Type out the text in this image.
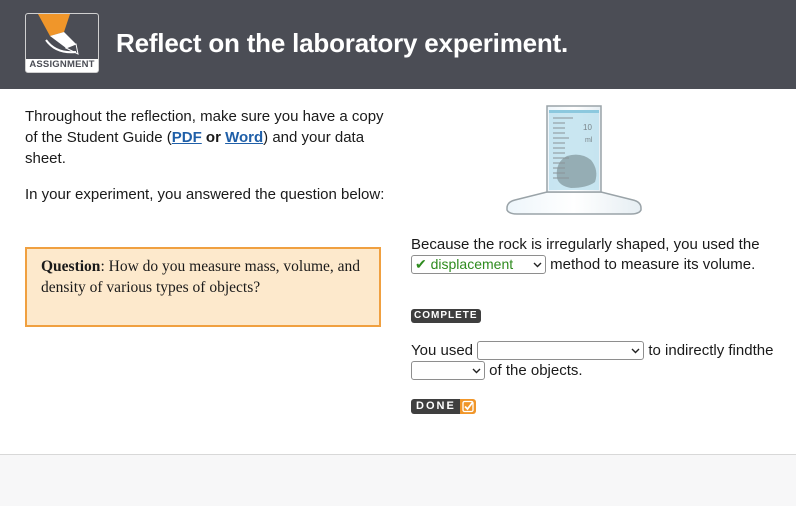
ASSIGNMENT
Reflect on the laboratory experiment.
Throughout the reflection, make sure you have a copy of the Student Guide (PDF or Word) and your data sheet.
In your experiment, you answered the question below:
Question: How do you measure mass, volume, and density of various types of objects?
10
ml
Because the rock is irregularly shaped, you used the ✔ displacement
method to measure its volume.
COMPLETE
You used	to indirectly findthe
of the objects.
DONE
